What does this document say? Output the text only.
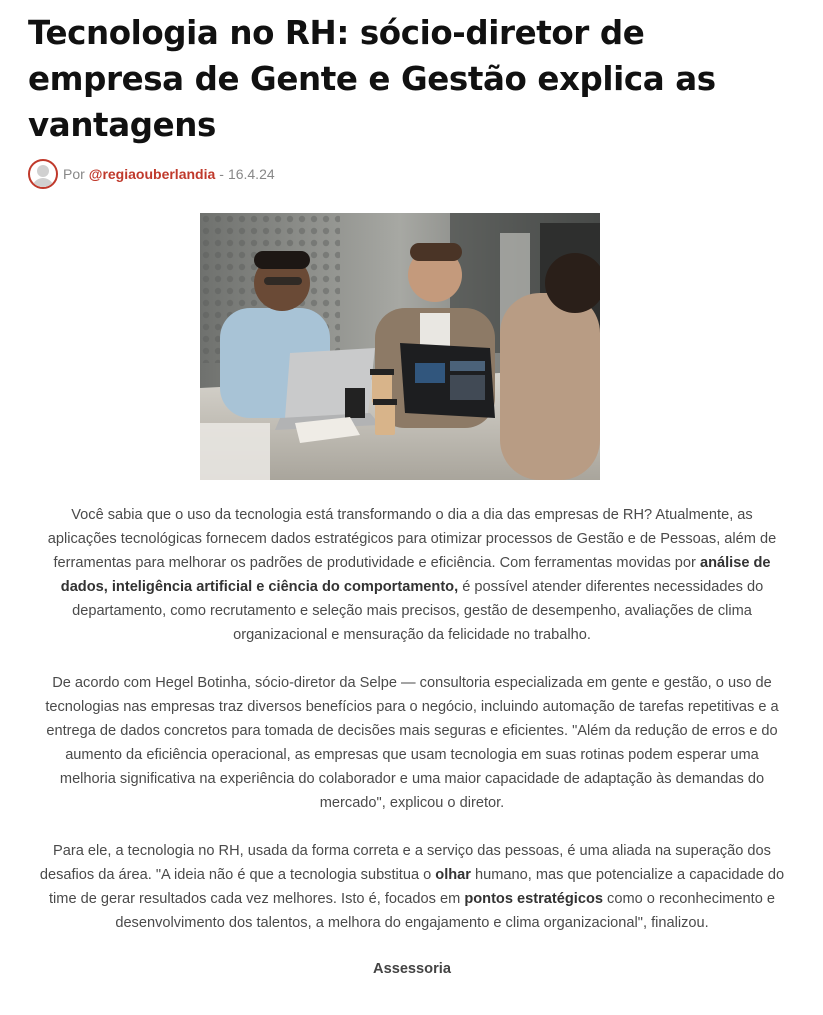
Tecnologia no RH: sócio-diretor de empresa de Gente e Gestão explica as vantagens
Por @regiaouberlandia - 16.4.24

Você sabia que o uso da tecnologia está transformando o dia a dia das empresas de RH? Atualmente, as aplicações tecnológicas fornecem dados estratégicos para otimizar processos de Gestão e de Pessoas, além de ferramentas para melhorar os padrões de produtividade e eficiência. Com ferramentas movidas por análise de dados, inteligência artificial e ciência do comportamento, é possível atender diferentes necessidades do departamento, como recrutamento e seleção mais precisos, gestão de desempenho, avaliações de clima organizacional e mensuração da felicidade no trabalho.

De acordo com Hegel Botinha, sócio-diretor da Selpe — consultoria especializada em gente e gestão, o uso de tecnologias nas empresas traz diversos benefícios para o negócio, incluindo automação de tarefas repetitivas e a entrega de dados concretos para tomada de decisões mais seguras e eficientes. "Além da redução de erros e do aumento da eficiência operacional, as empresas que usam tecnologia em suas rotinas podem esperar uma melhoria significativa na experiência do colaborador e uma maior capacidade de adaptação às demandas do mercado", explicou o diretor.

Para ele, a tecnologia no RH, usada da forma correta e a serviço das pessoas, é uma aliada na superação dos desafios da área. "A ideia não é que a tecnologia substitua o olhar humano, mas que potencialize a capacidade do time de gerar resultados cada vez melhores. Isto é, focados em pontos estratégicos como o reconhecimento e desenvolvimento dos talentos, a melhora do engajamento e clima organizacional", finalizou.

Assessoria
